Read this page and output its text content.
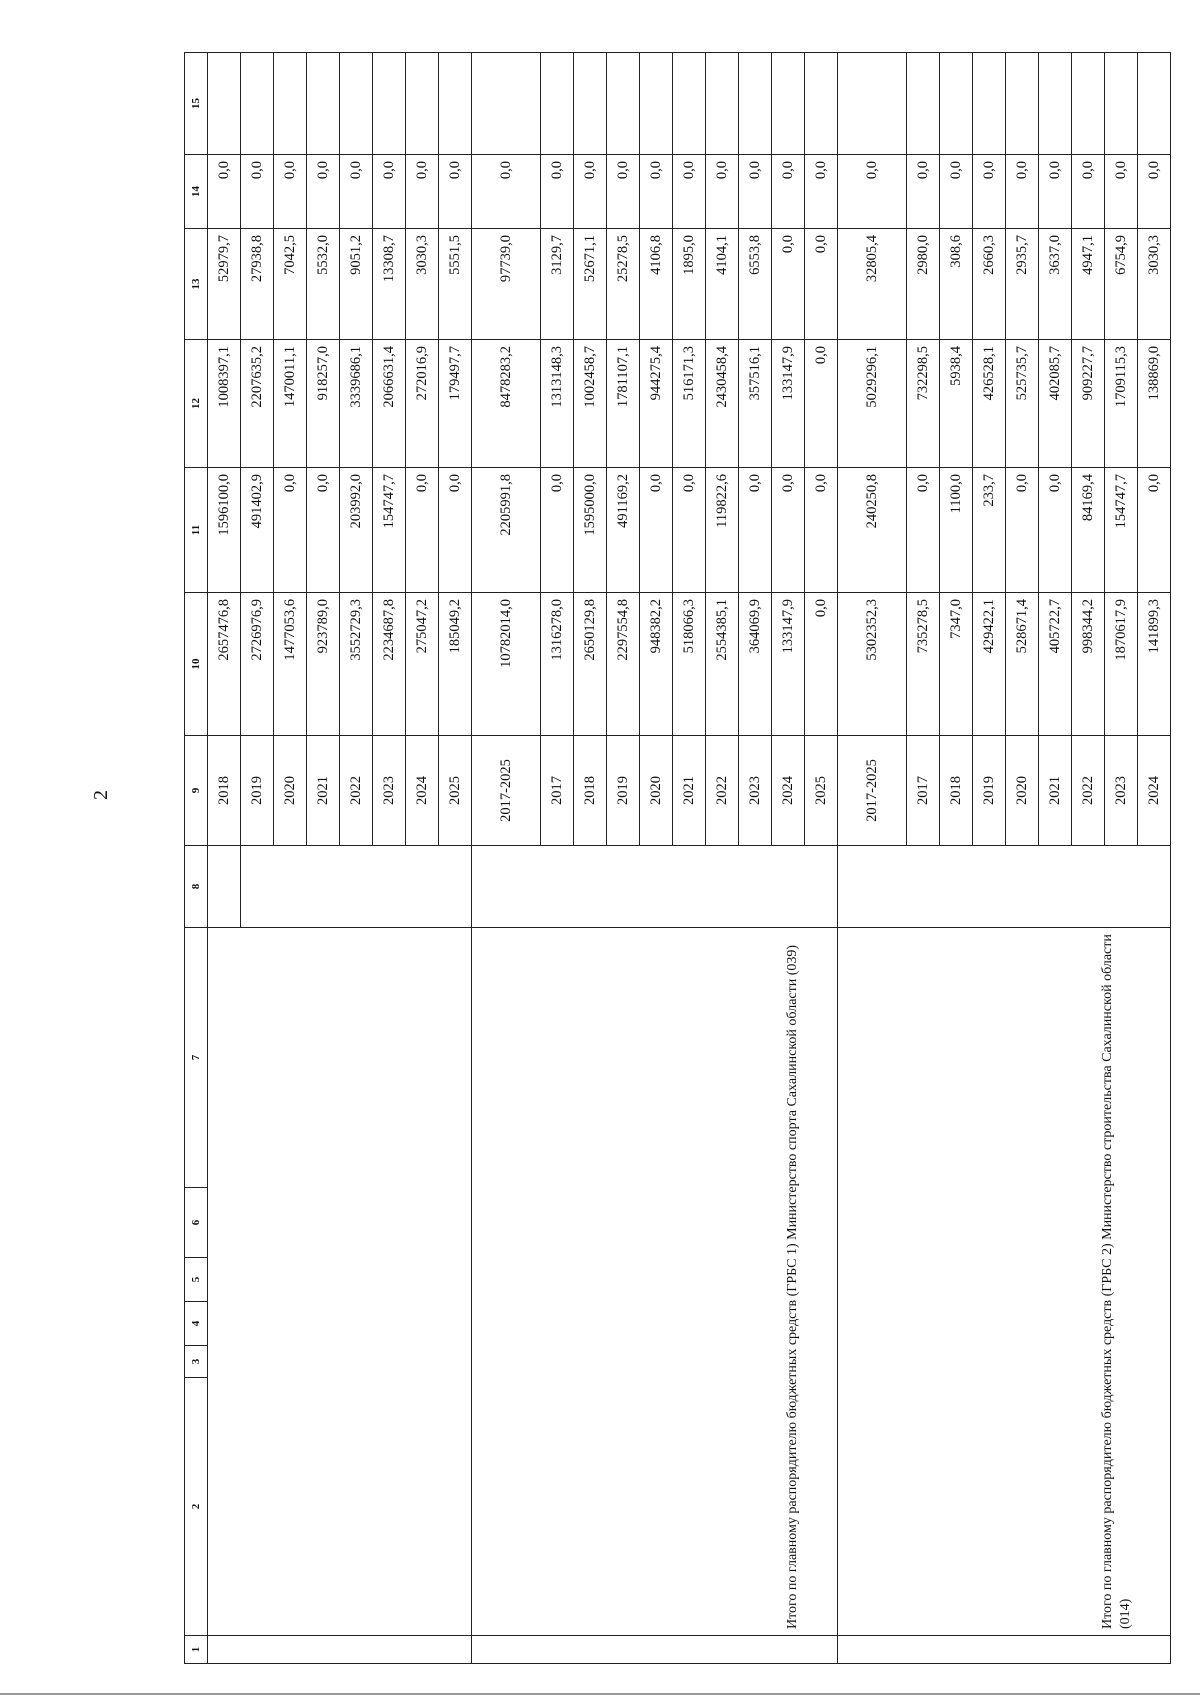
2
1	2	3	4	5	6	7	8	9	10	11	12	13	14	15
								2018	2657476,8	1596100,0	1008397,1	52979,7	0,0	
								2019	2726976,9	491402,9	2207635,2	27938,8	0,0	
								2020	1477053,6	0,0	1470011,1	7042,5	0,0	
								2021	923789,0	0,0	918257,0	5532,0	0,0	
								2022	3552729,3	203992,0	3339686,1	9051,2	0,0	
								2023	2234687,8	154747,7	2066631,4	13308,7	0,0	
								2024	275047,2	0,0	272016,9	3030,3	0,0	
								2025	185049,2	0,0	179497,7	5551,5	0,0	
	Итого по главному распорядителю бюджетных средств (ГРБС 1) Министерство спорта Сахалинской области (039)							2017-2025	10782014,0	2205991,8	8478283,2	97739,0	0,0	
								2017	1316278,0	0,0	1313148,3	3129,7	0,0	
								2018	2650129,8	1595000,0	1002458,7	52671,1	0,0	
								2019	2297554,8	491169,2	1781107,1	25278,5	0,0	
								2020	948382,2	0,0	944275,4	4106,8	0,0	
								2021	518066,3	0,0	516171,3	1895,0	0,0	
								2022	2554385,1	119822,6	2430458,4	4104,1	0,0	
								2023	364069,9	0,0	357516,1	6553,8	0,0	
								2024	133147,9	0,0	133147,9	0,0	0,0	
								2025	0,0	0,0	0,0	0,0	0,0	
	Итого по главному распорядителю бюджетных средств (ГРБС 2) Министерство строительства Сахалинской области (014)							2017-2025	5302352,3	240250,8	5029296,1	32805,4	0,0	
								2017	735278,5	0,0	732298,5	2980,0	0,0	
								2018	7347,0	1100,0	5938,4	308,6	0,0	
								2019	429422,1	233,7	426528,1	2660,3	0,0	
								2020	528671,4	0,0	525735,7	2935,7	0,0	
								2021	405722,7	0,0	402085,7	3637,0	0,0	
								2022	998344,2	84169,4	909227,7	4947,1	0,0	
								2023	1870617,9	154747,7	1709115,3	6754,9	0,0	
								2024	141899,3	0,0	138869,0	3030,3	0,0	
